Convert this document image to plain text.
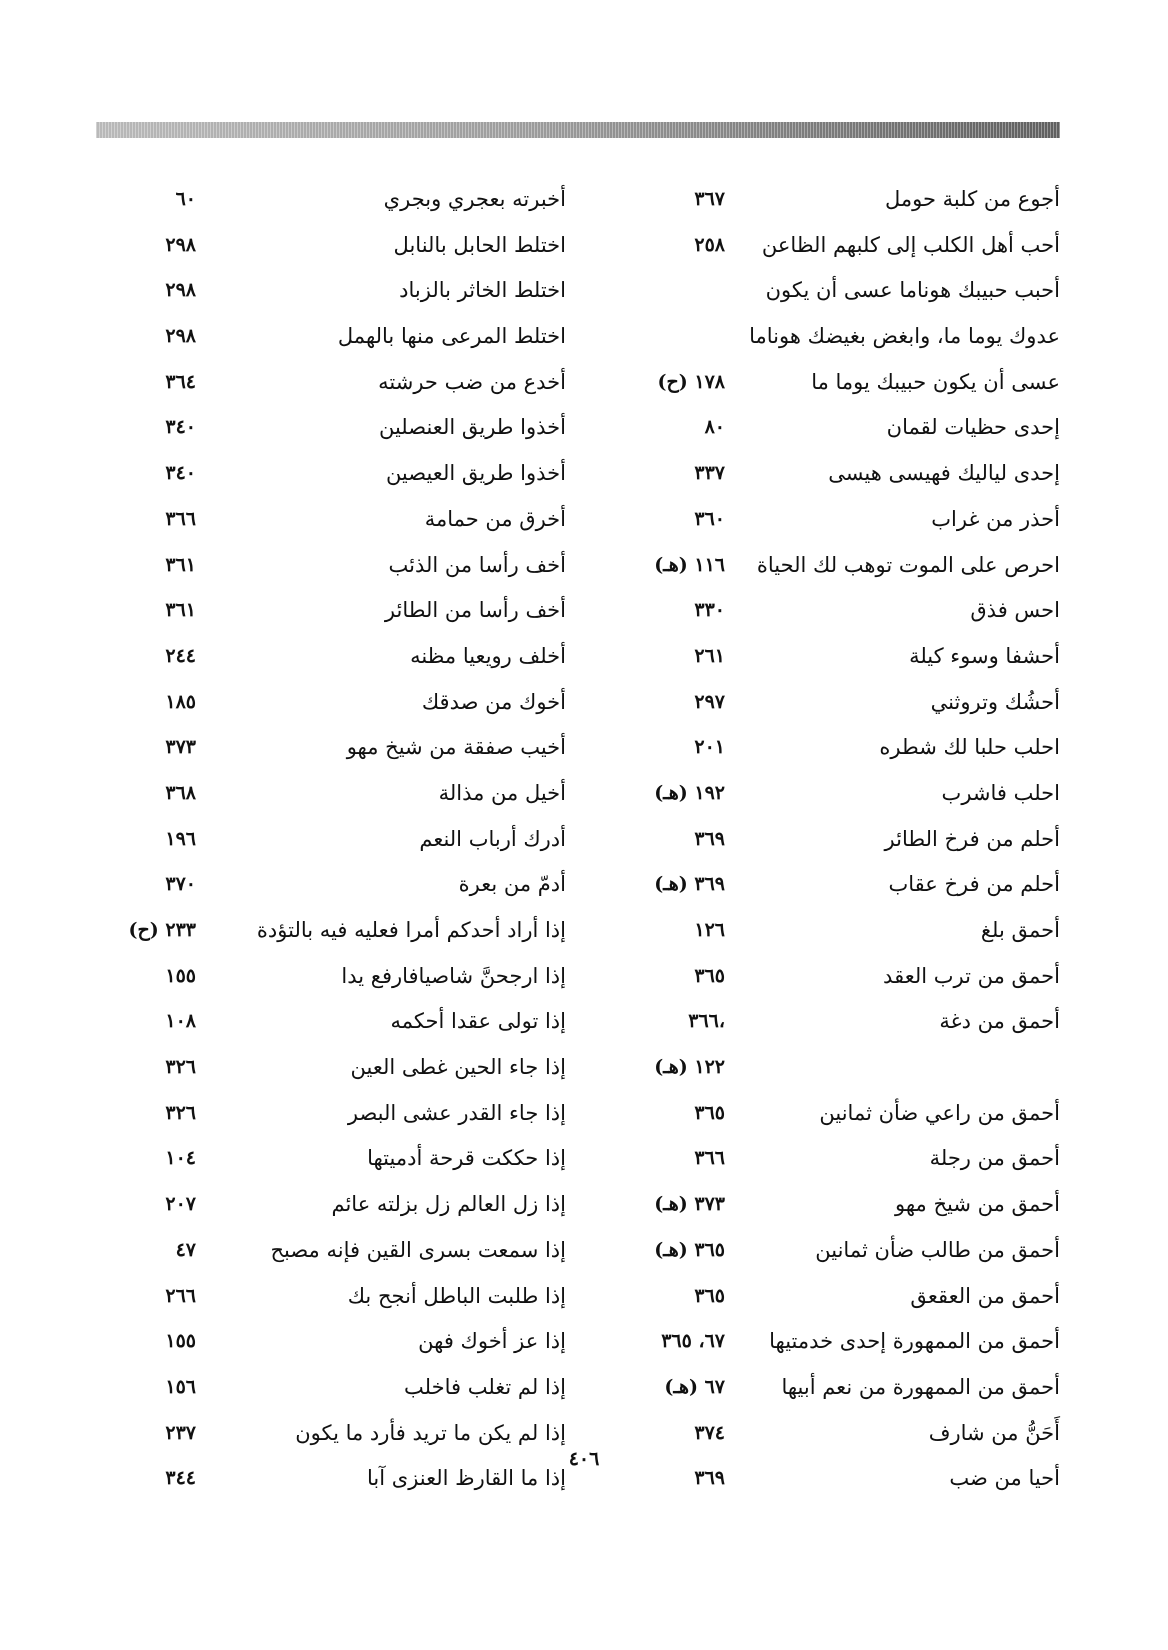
أجوع من كلبة حومل
٣٦٧
أحب أهل الكلب إلى كلبهم الظاعن
٢٥٨
أحبب حبيبك هوناما عسى أن يكون
عدوك يوما ما، وابغض بغيضك هوناما
عسى أن يكون حبيبك يوما ما
١٧٨ (ح)
إحدى حظيات لقمان
٨٠
إحدى لياليك فهيسى هيسى
٣٣٧
أحذر من غراب
٣٦٠
احرص على الموت توهب لك الحياة
١١٦ (هـ)
احس فذق
٣٣٠
أحشفا وسوء كيلة
٢٦١
أحشُك وتروثني
٢٩٧
احلب حلبا لك شطره
٢٠١
احلب فاشرب
١٩٢ (هـ)
أحلم من فرخ الطائر
٣٦٩
أحلم من فرخ عقاب
٣٦٩ (هـ)
أحمق بلغ
١٢٦
أحمق من ترب العقد
٣٦٥
أحمق من دغة
٣٦٦،
١٢٢ (هـ)
أحمق من راعي ضأن ثمانين
٣٦٥
أحمق من رجلة
٣٦٦
أحمق من شيخ مهو
٣٧٣ (هـ)
أحمق من طالب ضأن ثمانين
٣٦٥ (هـ)
أحمق من العقعق
٣٦٥
أحمق من الممهورة إحدى خدمتيها
٦٧، ٣٦٥
أحمق من الممهورة من نعم أبيها
٦٧ (هـ)
أَحَنُّ من شارف
٣٧٤
أحيا من ضب
٣٦٩
أخبرته بعجري وبجري
٦٠
اختلط الحابل بالنابل
٢٩٨
اختلط الخاثر بالزباد
٢٩٨
اختلط المرعى منها بالهمل
٢٩٨
أخدع من ضب حرشته
٣٦٤
أخذوا طريق العنصلين
٣٤٠
أخذوا طريق العيصين
٣٤٠
أخرق من حمامة
٣٦٦
أخف رأسا من الذئب
٣٦١
أخف رأسا من الطائر
٣٦١
أخلف رويعيا مظنه
٢٤٤
أخوك من صدقك
١٨٥
أخيب صفقة من شيخ مهو
٣٧٣
أخيل من مذالة
٣٦٨
أدرك أرباب النعم
١٩٦
أدمّ من بعرة
٣٧٠
إذا أراد أحدكم أمرا فعليه فيه بالتؤدة
٢٣٣ (ح)
إذا ارجحنَّ شاصيافارفع يدا
١٥٥
إذا تولى عقدا أحكمه
١٠٨
إذا جاء الحين غطى العين
٣٢٦
إذا جاء القدر عشى البصر
٣٢٦
إذا حككت قرحة أدميتها
١٠٤
إذا زل العالم زل بزلته عائم
٢٠٧
إذا سمعت بسرى القين فإنه مصبح
٤٧
إذا طلبت الباطل أنجح بك
٢٦٦
إذا عز أخوك فهن
١٥٥
إذا لم تغلب فاخلب
١٥٦
إذا لم يكن ما تريد فأرد ما يكون
٢٣٧
إذا ما القارظ العنزى آبا
٣٤٤
٤٠٦
